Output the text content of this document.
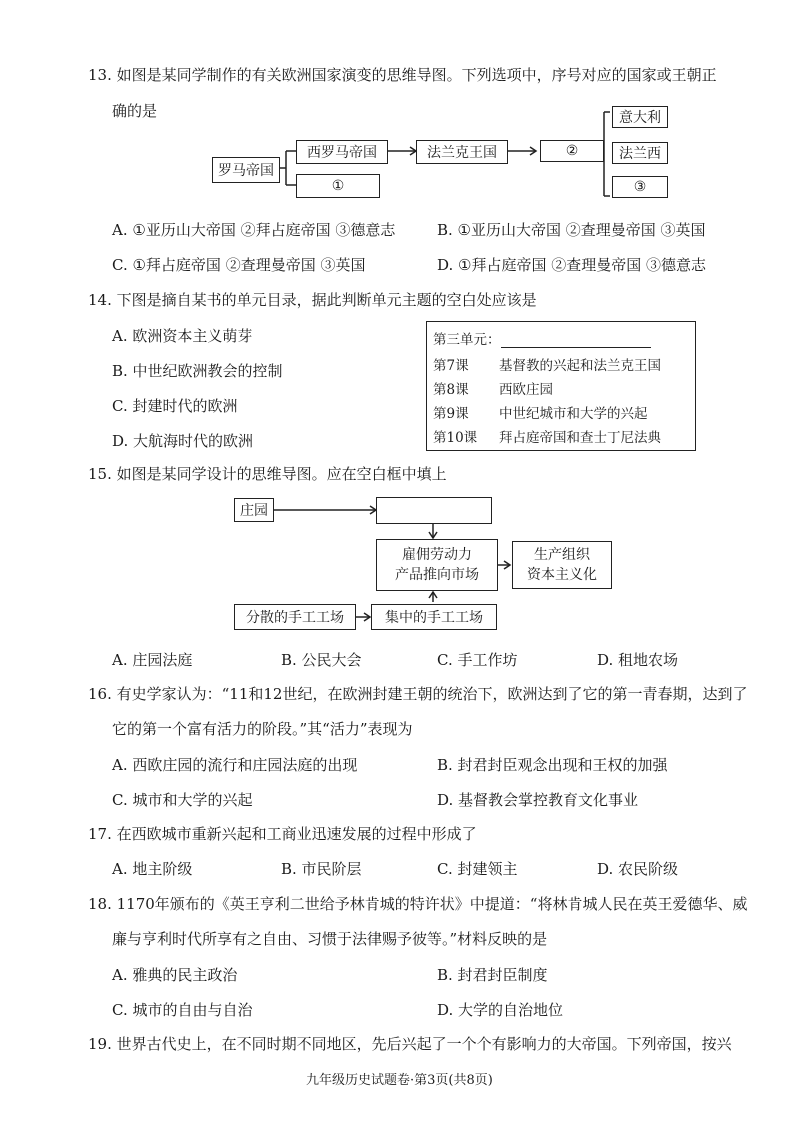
13. 如图是某同学制作的有关欧洲国家演变的思维导图。下列选项中，序号对应的国家或王朝正
确的是
罗马帝国
西罗马帝国
①
法兰克王国	②
意大利
法兰西
③
A. ①亚历山大帝国 ②拜占庭帝国 ③德意志	B. ①亚历山大帝国 ②查理曼帝国 ③英国
C. ①拜占庭帝国 ②查理曼帝国 ③英国	D. ①拜占庭帝国 ②查理曼帝国 ③德意志
14. 下图是摘自某书的单元目录，据此判断单元主题的空白处应该是
A. 欧洲资本主义萌芽
B. 中世纪欧洲教会的控制
C. 封建时代的欧洲
D. 大航海时代的欧洲
第三单元：
第7课 基督教的兴起和法兰克王国
第8课 西欧庄园
第9课 中世纪城市和大学的兴起
第10课 拜占庭帝国和查士丁尼法典
15. 如图是某同学设计的思维导图。应在空白框中填上
庄园
雇佣劳动力
产品推向市场
生产组织
资本主义化
分散的手工工场	集中的手工工场
A. 庄园法庭	B. 公民大会	C. 手工作坊	D. 租地农场
16. 有史学家认为：“11和12世纪，在欧洲封建王朝的统治下，欧洲达到了它的第一青春期，达到了
它的第一个富有活力的阶段。”其“活力”表现为
A. 西欧庄园的流行和庄园法庭的出现	B. 封君封臣观念出现和王权的加强
C. 城市和大学的兴起	D. 基督教会掌控教育文化事业
17. 在西欧城市重新兴起和工商业迅速发展的过程中形成了
A. 地主阶级	B. 市民阶层	C. 封建领主	D. 农民阶级
18. 1170年颁布的《英王亨利二世给予林肯城的特许状》中提道：“将林肯城人民在英王爱德华、威
廉与亨利时代所享有之自由、习惯于法律赐予彼等。”材料反映的是
A. 雅典的民主政治	B. 封君封臣制度
C. 城市的自由与自治	D. 大学的自治地位
19. 世界古代史上，在不同时期不同地区，先后兴起了一个个有影响力的大帝国。下列帝国，按兴
九年级历史试题卷·第3页(共8页)
